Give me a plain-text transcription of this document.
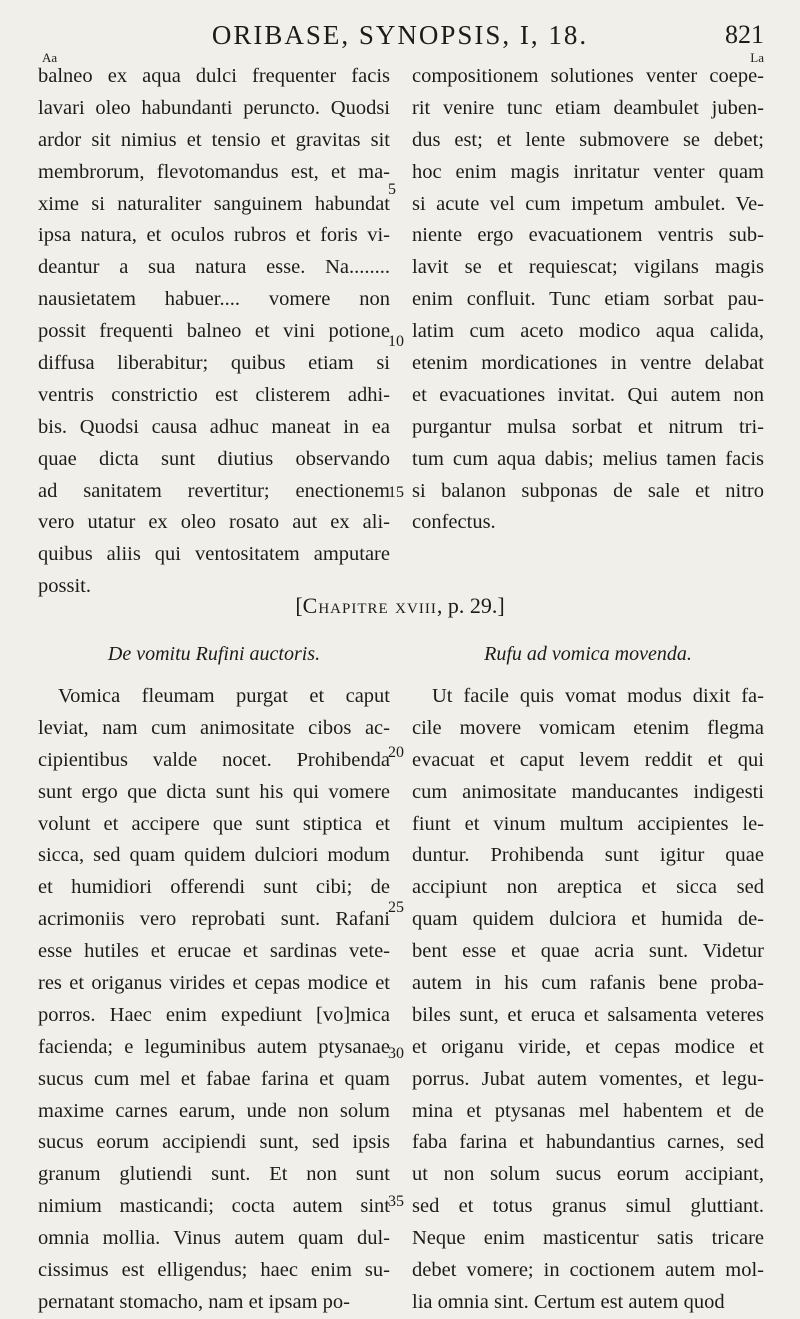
ORIBASE, SYNOPSIS, I, 18.	821
Aa	La
balneo ex aqua dulci frequenter facis
lavari oleo habundanti perunctо. Quodsi
ardor sit nimius et tensio et gravitas sit
membrorum, flevotomandus est, et ma-
xime si naturaliter sanguinem habundat
ipsa natura, et oculos rubros et foris vi-
deantur a sua natura esse. Na........
nausietatem habuer.... vomere non
possit frequenti balneo et vini potione
diffusa liberabitur; quibus etiam si
ventris constrictio est clisterem adhi-
bis. Quodsi causa adhuc maneat in ea
quae dicta sunt diutius observando
ad sanitatem revertitur; enectionem
vero utatur ex oleo rosato aut ex ali-
quibus aliis qui ventositatem amputare
possit.
compositionem solutiones venter coepe-
rit venire tunc etiam deambulet juben-
dus est; et lente submovere se debet;
hoc enim magis inritatur venter quam
si acute vel cum impetum ambulet. Ve-
niente ergo evacuationem ventris sub-
lavit se et requiescat; vigilans magis
enim confluit. Tunc etiam sorbat pau-
latim cum aceto modico aqua calida,
etenim mordicationes in ventre delabat
et evacuationes invitat. Qui autem non
purgantur mulsa sorbat et nitrum tri-
tum cum aqua dabis; melius tamen facis
si balanon subponas de sale et nitro
confectus.
5
10
15
20
25
30
35
[Chapitre xviii, p. 29.]
De vomitu Rufini auctoris.	Rufu ad vomica movenda.
Vomica fleumam purgat et caput
leviat, nam cum animositate cibos ac-
cipientibus valde nocet. Prohibenda
sunt ergo que dicta sunt his qui vomere
volunt et accipere que sunt stiptica et
sicca, sed quam quidem dulciori modum
et humidiori offerendi sunt cibi; de
acrimoniis vero reprobati sunt. Rafani
esse hutiles et erucae et sardinas vete-
res et origanus virides et cepas modice et
porros. Haec enim expediunt [vo]mica
facienda; e leguminibus autem ptysanae
sucus cum mel et fabae farina et quam
maxime carnes earum, unde non solum
sucus eorum accipiendi sunt, sed ipsis
granum glutiendi sunt. Et non sunt
nimium masticandi; cocta autem sint
omnia mollia. Vinus autem quam dul-
cissimus est elligendus; haec enim su-
pernatant stomacho, nam et ipsam po-
Ut facile quis vomat modus dixit fa-
cile movere vomicam etenim flegma
evacuat et caput levem reddit et qui
cum animositate manducantes indigesti
fiunt et vinum multum accipientes le-
duntur. Prohibenda sunt igitur quae
accipiunt non areptica et sicca sed
quam quidem dulciora et humida de-
bent esse et quae acria sunt. Videtur
autem in his cum rafanis bene proba-
biles sunt, et eruca et salsamenta veteres
et origanu viride, et cepas modice et
porrus. Jubat autem vomentes, et legu-
mina et ptysanas mel habentem et de
faba farina et habundantius carnes, sed
ut non solum sucus eorum accipiant,
sed et totus granus simul gluttiant.
Neque enim masticentur satis tricare
debet vomere; in coctionem autem mol-
lia omnia sint. Certum est autem quod
